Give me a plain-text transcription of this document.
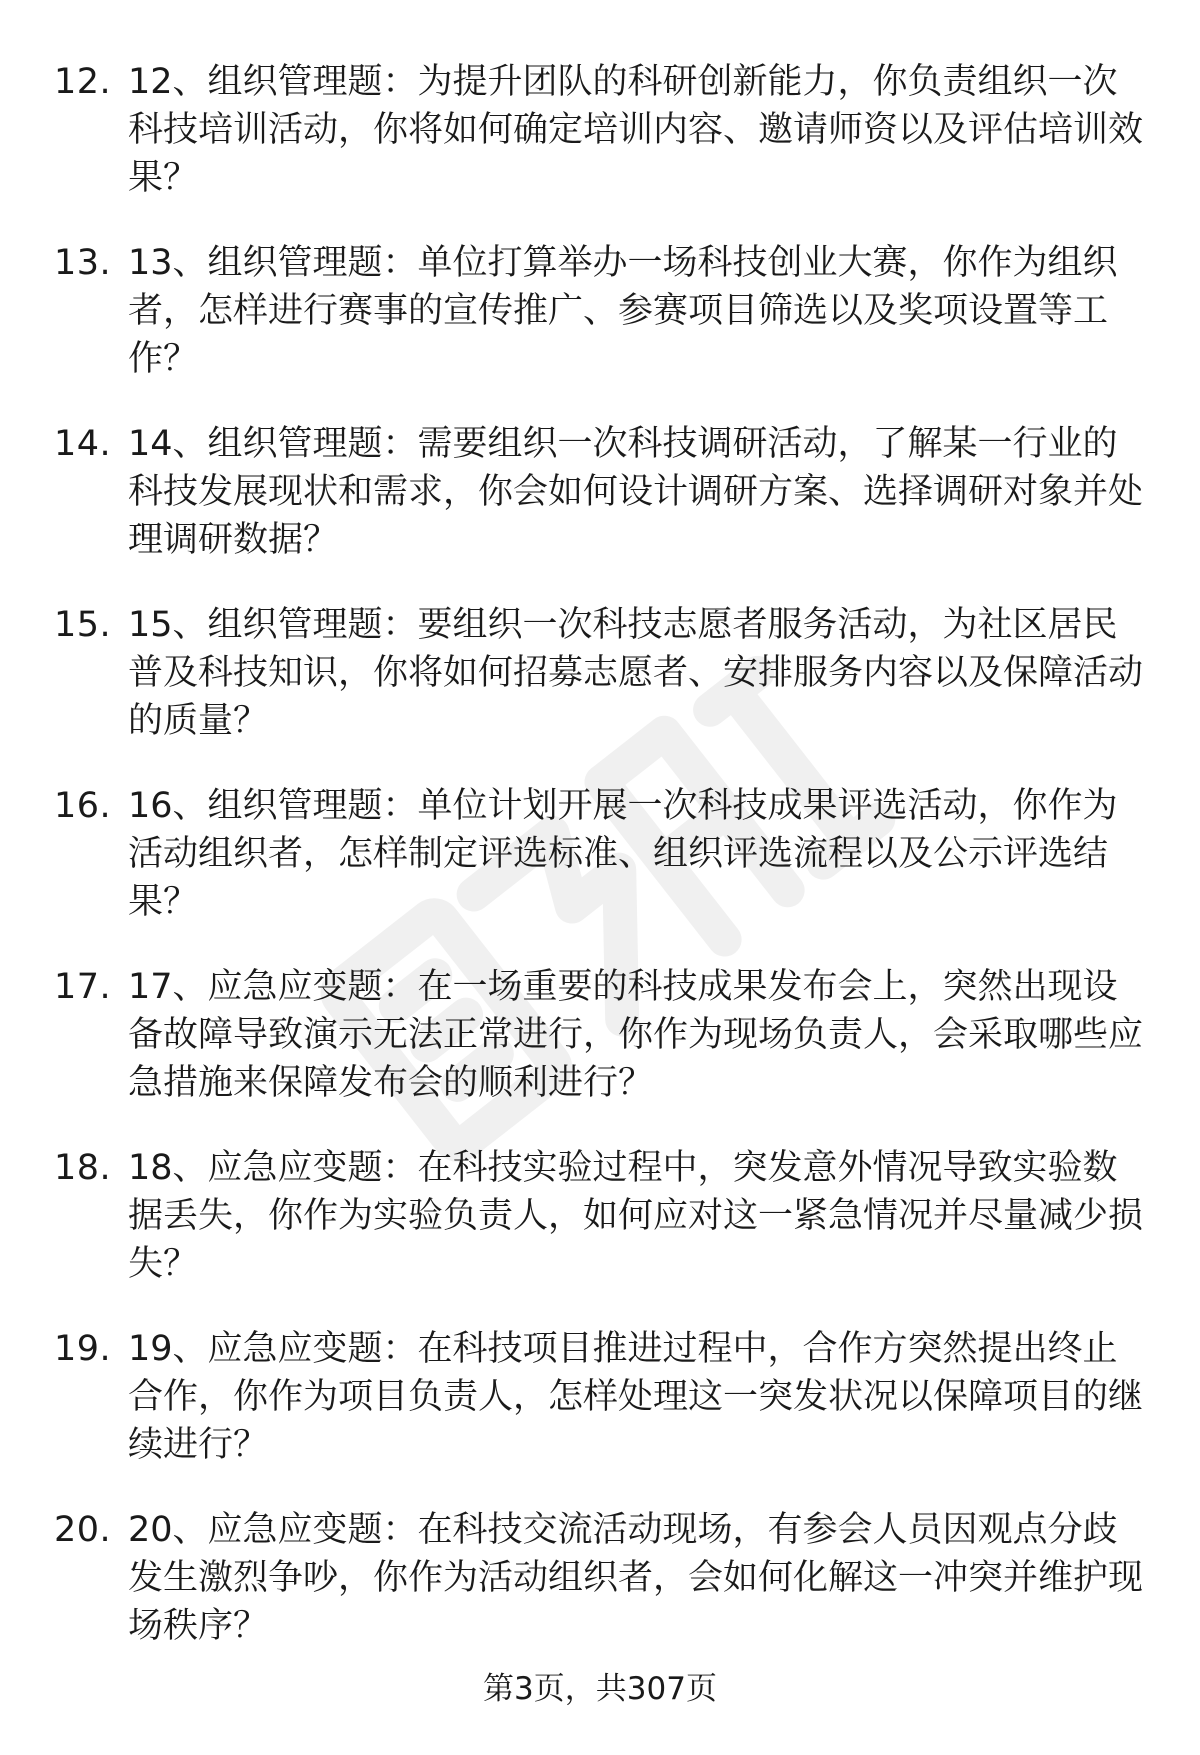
12. 12、组织管理题：为提升团队的科研创新能力，你负责组织一次科技培训活动，你将如何确定培训内容、邀请师资以及评估培训效果？
13. 13、组织管理题：单位打算举办一场科技创业大赛，你作为组织者，怎样进行赛事的宣传推广、参赛项目筛选以及奖项设置等工作？
14. 14、组织管理题：需要组织一次科技调研活动，了解某一行业的科技发展现状和需求，你会如何设计调研方案、选择调研对象并处理调研数据？
15. 15、组织管理题：要组织一次科技志愿者服务活动，为社区居民普及科技知识，你将如何招募志愿者、安排服务内容以及保障活动的质量？
16. 16、组织管理题：单位计划开展一次科技成果评选活动，你作为活动组织者，怎样制定评选标准、组织评选流程以及公示评选结果？
17. 17、应急应变题：在一场重要的科技成果发布会上，突然出现设备故障导致演示无法正常进行，你作为现场负责人，会采取哪些应急措施来保障发布会的顺利进行？
18. 18、应急应变题：在科技实验过程中，突发意外情况导致实验数据丢失，你作为实验负责人，如何应对这一紧急情况并尽量减少损失？
19. 19、应急应变题：在科技项目推进过程中，合作方突然提出终止合作，你作为项目负责人，怎样处理这一突发状况以保障项目的继续进行？
20. 20、应急应变题：在科技交流活动现场，有参会人员因观点分歧发生激烈争吵，你作为活动组织者，会如何化解这一冲突并维护现场秩序？
第3页，共307页
